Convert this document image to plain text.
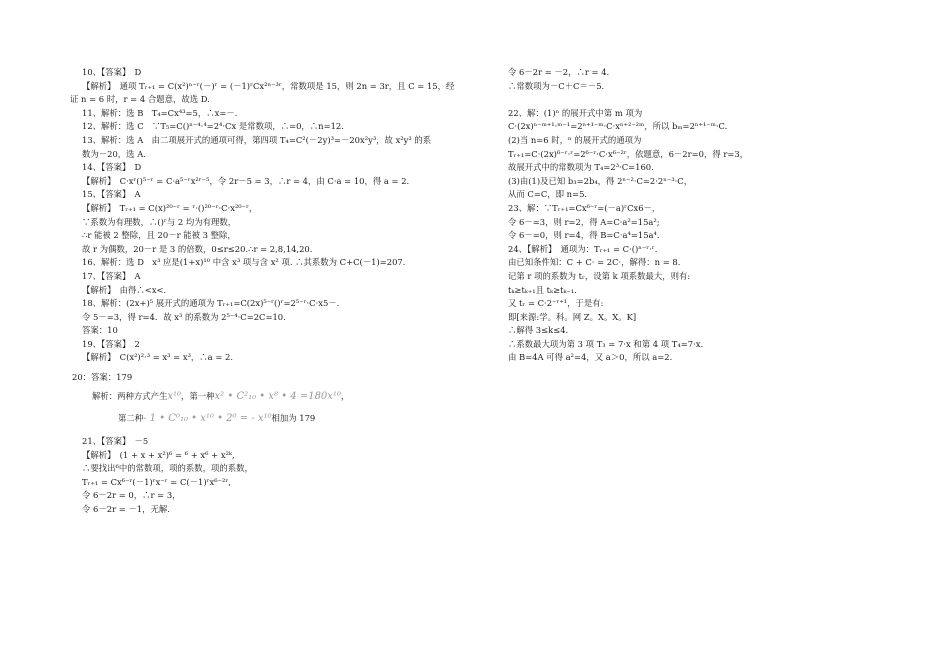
10、【答案】　D
【解析】　通项 Tᵣ₊₁ = C(x²)ⁿ⁻ʳ(－)ʳ = (－1)ʳCx²ⁿ⁻³ʳ，常数项是 15，则 2n = 3r，且 C = 15，经
证 n = 6 时，r = 4 合题意，故选 D.
11、解析：选 B　T₄=Cx⁴³=5，∴x=－.
12、解析：选 C　∵T₅=C()ⁿ⁻⁴·⁴=2⁴·Cx 是常数项，∴=0，∴n=12.
13、解析：选 A　由二项展开式的通项可得，第四项 T₄=C²(－2y)³=－20x²y³，故 x²y³ 的系
数为－20，选 A.
14、【答案】　D
【解析】　C·xʳ()⁵⁻ʳ = C·a⁵⁻ʳx²ʳ⁻⁵，令 2r－5 = 3，∴r = 4，由 C·a = 10，得 a = 2.
15、【答案】　A
【解析】　Tᵣ₊₁ = C(x)²⁰⁻ʳ = ʳ·()²⁰⁻ʳ·C·x²⁰⁻ʳ，
∵系数为有理数，∴()ʳ与 2 均为有理数，
∴r 能被 2 整除，且 20－r 能被 3 整除，
故 r 为偶数，20－r 是 3 的倍数，0≤r≤20.∴r = 2,8,14,20.
16、解析：选 D　x³ 应是(1+x)¹⁰ 中含 x³ 项与含 x² 项. ∴其系数为 C+C(－1)=207.
17、【答案】　A
【解析】　由得∴<x<.
18、解析：(2x+)⁵ 展开式的通项为 Tᵣ₊₁=C(2x)⁵⁻ʳ()ʳ=2⁵⁻ʳ·C·x5－.
令 5－=3，得 r=4．故 x³ 的系数为 2⁵⁻⁴·C=2C=10.
答案：10
19、【答案】　2
【解析】　C(x²)²·³ = x³ = x³，∴a = 2.
20：答案：179
解析：两种方式产生x¹⁰，第一种x² • C²₁₀ • x⁸ • 4 =180x¹⁰，
第二种- 1 • C⁰₁₀ • x¹⁰ • 2⁰ = - x¹⁰相加为 179
21、【答案】　－5
【解析】　(1 + x + x²)⁶ = ⁶ + x⁶ + x²ᵏ,
∴要找出⁶中的常数项，项的系数，项的系数，
Tᵣ₊₁ = Cx⁶⁻ʳ(－1)ʳx⁻ʳ = C(－1)ʳx⁶⁻²ʳ,
令 6－2r = 0，∴r = 3，
令 6－2r = －1，无解.
令 6－2r = －2，∴r = 4.
∴常数项为－C＋C＝－5.
22、解：(1)ⁿ 的展开式中第 m 项为
C·(2x)ⁿ⁻ᵐ⁺¹·ᵐ⁻¹=2ⁿ⁺¹⁻ᵐ·C·xⁿ⁺²⁻²ᵐ，所以 bₘ=2ⁿ⁺¹⁻ᵐ·C.
(2)当 n=6 时，ⁿ 的展开式的通项为
Tᵣ₊₁=C·(2x)⁶⁻ʳ·ʳ=2⁶⁻ʳ·C·x⁶⁻²ʳ，依题意，6－2r=0，得 r=3，
故展开式中的常数项为 T₄=2³·C=160.
(3)由(1)及已知 b₃=2b₄，得 2ⁿ⁻²·C=2·2ⁿ⁻³·C，
从而 C=C，即 n=5.
23、解：∵Tᵣ₊₁=Cx⁶⁻ʳ=(－a)ʳCx6－，
令 6－=3，则 r=2，得 A=C·a²=15a²;
令 6－=0，则 r=4，得 B=C·a⁴=15a⁴.
24、【解析】　通项为：Tᵣ₊₁ = C·()ⁿ⁻ʳ·ʳ.
由已知条件知：C + C· = 2C·，解得：n = 8.
记第 r 项的系数为 tᵣ，设第 k 项系数最大，则有:
tₖ≥tₖ₊₁且 tₖ≥tₖ₋₁.
又 tᵣ = C·2⁻ʳ⁺¹，于是有:
即[来源:学。科。网 Z。X。X。K]
∴解得 3≤k≤4.
∴系数最大项为第 3 项 T₃ = 7·x 和第 4 项 T₄=7·x.
由 B=4A 可得 a²=4，又 a＞0，所以 a=2.
